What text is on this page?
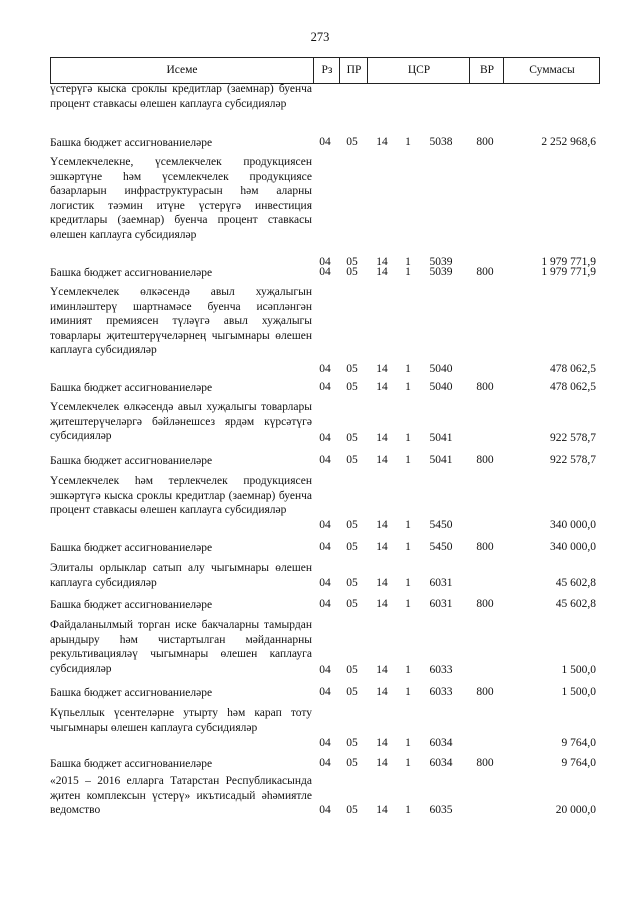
273
Исеме	Рз	ПР	ЦСР	ВР	Суммасы
үстерүгә кыска сроклы кредитлар (заемнар) буенча процент ставкасы өлешен каплауга субсидияләр
Башка бюджет ассигнованиеләре	04	05	14	1	5038	800	2 252 968,6
Үсемлекчелекне, үсемлекчелек продукциясен эшкәртүне һәм үсемлекчелек продукциясе базарларын инфраструктурасын һәм аларны логистик тәэмин итүне үстерүгә инвестиция кредитлары (заемнар) буенча процент ставкасы өлешен каплауга субсидияләр
04	05	14	1	5039	1 979 771,9
Башка бюджет ассигнованиеләре	04	05	14	1	5039	800	1 979 771,9
Үсемлекчелек өлкәсендә авыл хуҗалыгын иминләштерү шартнамәсе буенча исәпләнгән иминият премиясен түләүгә авыл хуҗалыгы товарлары җитештерүчеләрнең чыгымнары өлешен каплауга субсидияләр
04	05	14	1	5040	478 062,5
Башка бюджет ассигнованиеләре	04	05	14	1	5040	800	478 062,5
Үсемлекчелек өлкәсендә авыл хуҗалыгы товарлары җитештерүчеләргә бәйләнешсез ярдәм күрсәтүгә субсидияләр	04	05	14	1	5041	922 578,7
Башка бюджет ассигнованиеләре	04	05	14	1	5041	800	922 578,7
Үсемлекчелек һәм терлекчелек продукциясен эшкәртүгә кыска сроклы кредитлар (заемнар) буенча процент ставкасы өлешен каплауга субсидияләр
04	05	14	1	5450	340 000,0
Башка бюджет ассигнованиеләре	04	05	14	1	5450	800	340 000,0
Элиталы орлыклар сатып алу чыгымнары өлешен каплауга субсидияләр	04	05	14	1	6031	45 602,8
Башка бюджет ассигнованиеләре	04	05	14	1	6031	800	45 602,8
Файдаланылмый торган иске бакчаларны тамырдан арындыру һәм чистартылган мәйданнарны рекультивацияләү чыгымнары өлешен каплауга субсидияләр	04	05	14	1	6033	1 500,0
Башка бюджет ассигнованиеләре	04	05	14	1	6033	800	1 500,0
Күпьеллык үсентеләрне утырту һәм карап тоту чыгымнары өлешен каплауга субсидияләр
04	05	14	1	6034	9 764,0
Башка бюджет ассигнованиеләре	04	05	14	1	6034	800	9 764,0
«2015 – 2016 елларга Татарстан Республикасында җитен комплексын үстерү» икътисадый әһәмиятле ведомство	04	05	14	1	6035	20 000,0
